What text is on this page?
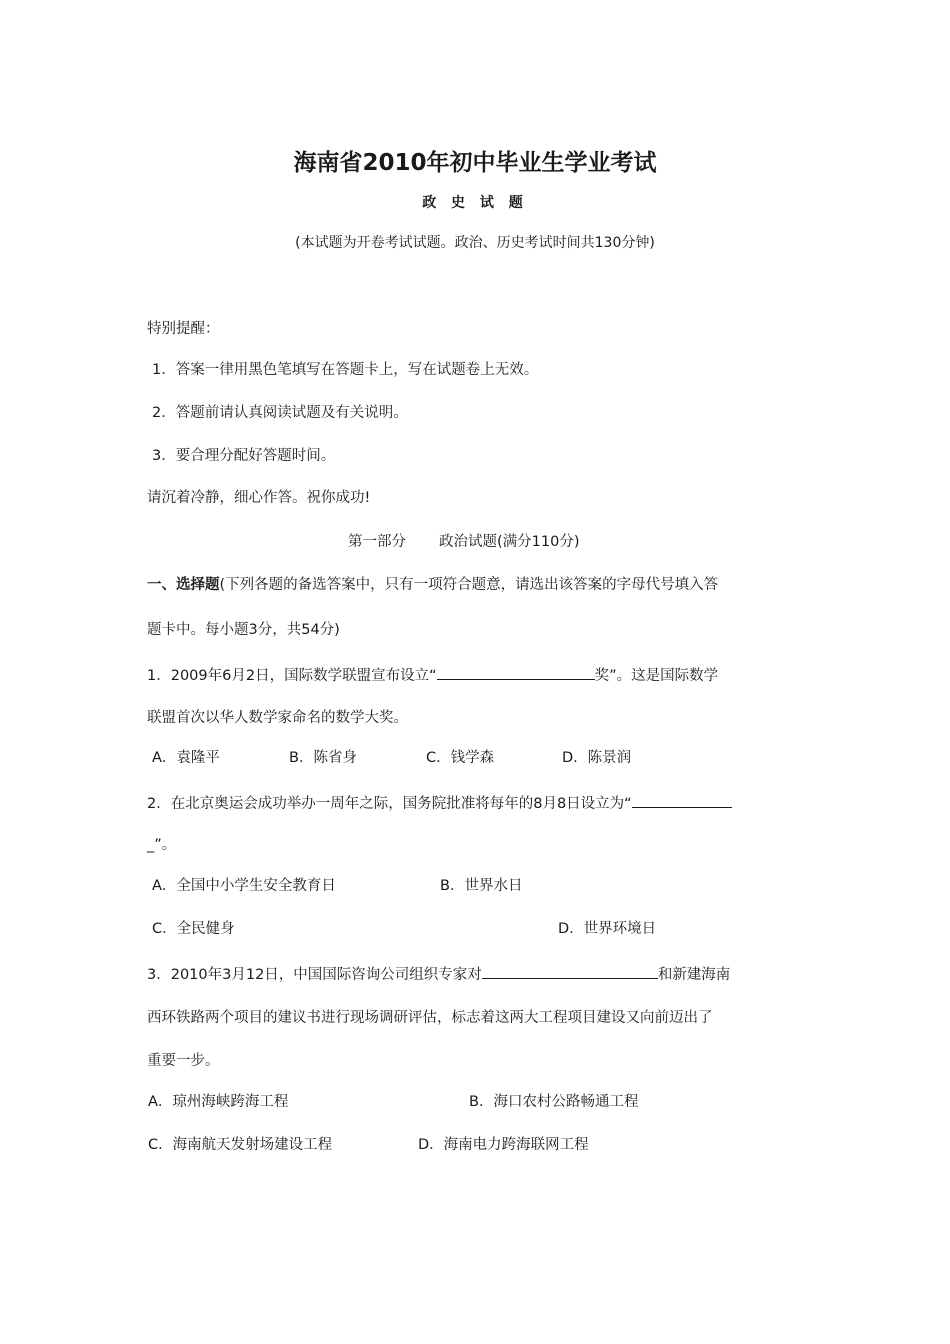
海南省2010年初中毕业生学业考试
政 史 试 题
(本试题为开卷考试试题。政治、历史考试时间共130分钟)
特别提醒：
1．答案一律用黑色笔填写在答题卡上，写在试题卷上无效。
2．答题前请认真阅读试题及有关说明。
3．要合理分配好答题时间。
请沉着冷静，细心作答。祝你成功!
第一部分 政治试题(满分110分)
一、选择题(下列各题的备选答案中，只有一项符合题意，请选出该答案的字母代号填入答
题卡中。每小题3分，共54分)
1．2009年6月2日，国际数学联盟宣布设立“	奖”。这是国际数学
联盟首次以华人数学家命名的数学大奖。
A．袁隆平	B．陈省身	C．钱学森	D．陈景润
2．在北京奥运会成功举办一周年之际，国务院批准将每年的8月8日设立为“
_”。
A．全国中小学生安全教育日	B．世界水日
C．全民健身	D．世界环境日
3．2010年3月12日，中国国际咨询公司组织专家对	和新建海南
西环铁路两个项目的建议书进行现场调研评估，标志着这两大工程项目建设又向前迈出了
重要一步。
A．琼州海峡跨海工程	B．海口农村公路畅通工程
C．海南航天发射场建设工程	D．海南电力跨海联网工程
